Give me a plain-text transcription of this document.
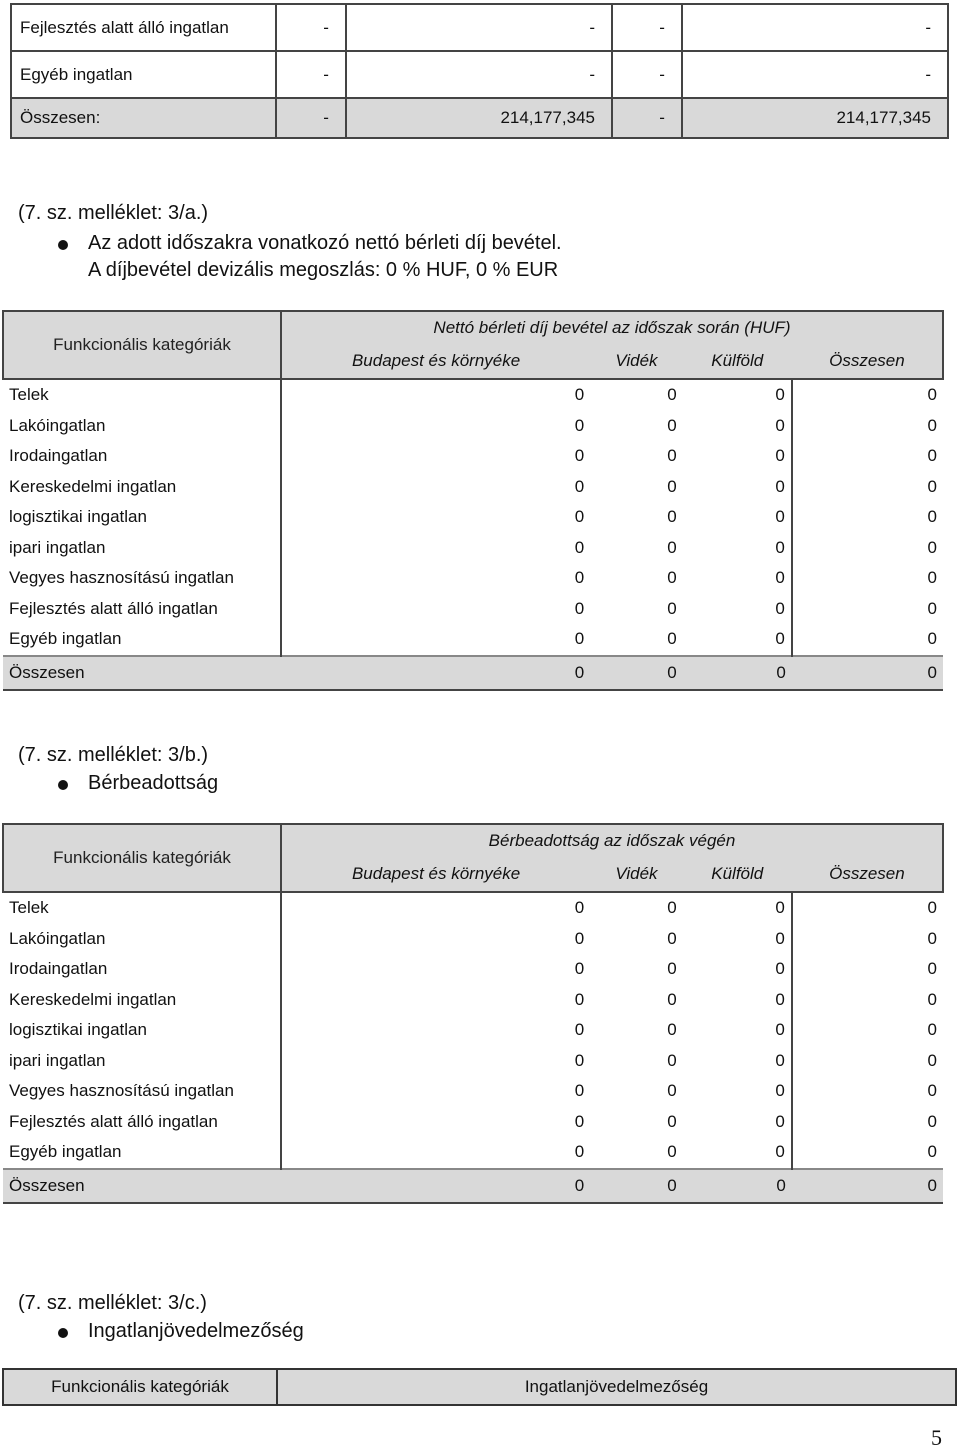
Fejlesztés alatt álló ingatlan	-	-	-	-
Egyéb ingatlan	-	-	-	-
Összesen:	-	214,177,345	-	214,177,345
(7. sz. melléklet: 3/a.)
Az adott időszakra vonatkozó nettó bérleti díj bevétel.
A díjbevétel devizális megoszlás: 0 % HUF, 0 % EUR
Funkcionális kategóriák	Nettó bérleti díj bevétel az időszak során (HUF)			
	Budapest és környéke	Vidék	Külföld	Összesen
Telek	0	0	0	0
Lakóingatlan	0	0	0	0
Irodaingatlan	0	0	0	0
Kereskedelmi ingatlan	0	0	0	0
logisztikai ingatlan	0	0	0	0
ipari ingatlan	0	0	0	0
Vegyes hasznosítású ingatlan	0	0	0	0
Fejlesztés alatt álló ingatlan	0	0	0	0
Egyéb ingatlan	0	0	0	0
Összesen	0	0	0	0
(7. sz. melléklet: 3/b.)
Bérbeadottság
Funkcionális kategóriák	Bérbeadottság az időszak végén			
	Budapest és környéke	Vidék	Külföld	Összesen
Telek	0	0	0	0
Lakóingatlan	0	0	0	0
Irodaingatlan	0	0	0	0
Kereskedelmi ingatlan	0	0	0	0
logisztikai ingatlan	0	0	0	0
ipari ingatlan	0	0	0	0
Vegyes hasznosítású ingatlan	0	0	0	0
Fejlesztés alatt álló ingatlan	0	0	0	0
Egyéb ingatlan	0	0	0	0
Összesen	0	0	0	0
(7. sz. melléklet: 3/c.)
Ingatlanjövedelmezőség
Funkcionális kategóriák	Ingatlanjövedelmezőség
5
